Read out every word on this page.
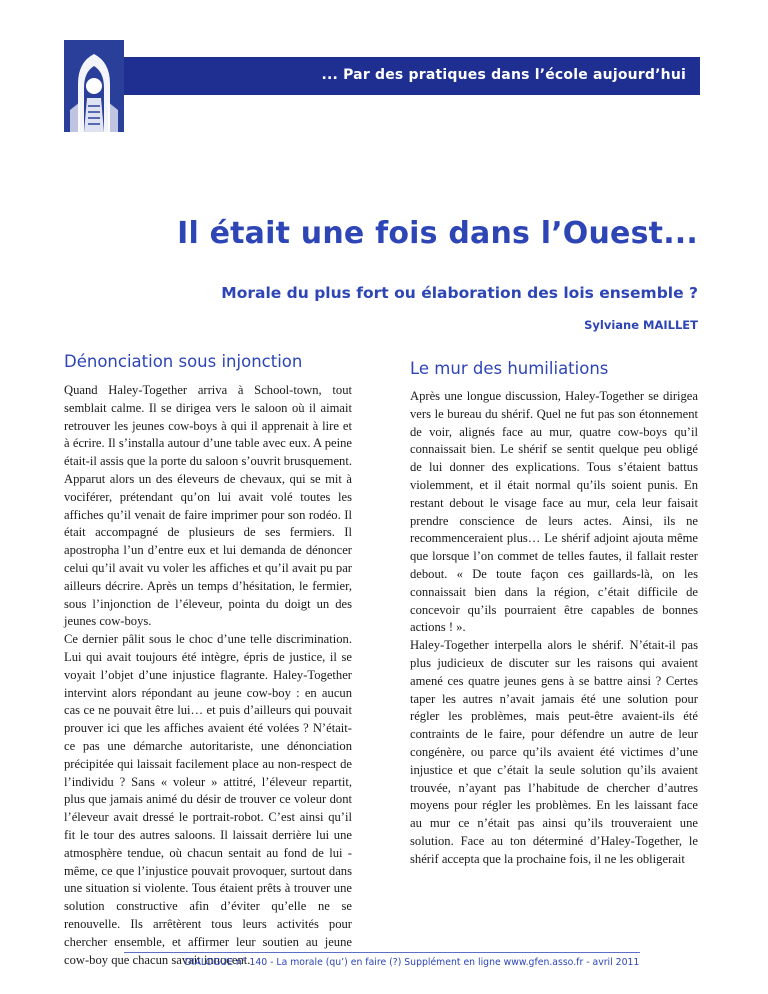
... Par des pratiques dans l’école aujourd’hui
Il était une fois dans l’Ouest...
Morale du plus fort ou élaboration des lois ensemble ?
Sylviane MAILLET
Dénonciation sous injonction

Quand Haley-Together arriva à School-town, tout semblait calme. Il se dirigea vers le saloon où il aimait retrouver les jeunes cow-boys à qui il apprenait à lire et à écrire. Il s’installa autour d’une table avec eux. A peine était-il assis que la porte du saloon s’ouvrit brusquement. Apparut alors un des éleveurs de chevaux, qui se mit à vociférer, prétendant qu’on lui avait volé toutes les affiches qu’il venait de faire imprimer pour son rodéo. Il était accompagné de plusieurs de ses fermiers. Il apostropha l’un d’entre eux et lui demanda de dénoncer celui qu’il avait vu voler les affiches et qu’il avait pu par ailleurs décrire. Après un temps d’hésitation, le fermier, sous l’injonction de l’éleveur, pointa du doigt un des jeunes cow-boys.

Ce dernier pâlit sous le choc d’une telle discrimination. Lui qui avait toujours été intègre, épris de justice, il se voyait l’objet d’une injustice flagrante. Haley-Together intervint alors répondant au jeune cow-boy : en aucun cas ce ne pouvait être lui… et puis d’ailleurs qui pouvait prouver ici que les affiches avaient été volées ? N’était-ce pas une démarche autoritariste, une dénonciation précipitée qui laissait facilement place au non-respect de l’individu ? Sans « voleur » attitré, l’éleveur repartit, plus que jamais animé du désir de trouver ce voleur dont l’éleveur avait dressé le portrait-robot. C’est ainsi qu’il fit le tour des autres saloons. Il laissait derrière lui une atmosphère tendue, où chacun sentait au fond de lui - même, ce que l’injustice pouvait provoquer, surtout dans une situation si violente. Tous étaient prêts à trouver une solution constructive afin d’éviter qu’elle ne se renouvelle. Ils arrêtèrent tous leurs activités pour chercher ensemble, et affirmer leur soutien au jeune cow-boy que chacun savait innocent.

Le mur des humiliations

Après une longue discussion, Haley-Together se dirigea vers le bureau du shérif. Quel ne fut pas son étonnement de voir, alignés face au mur, quatre cow-boys qu’il connaissait bien. Le shérif se sentit quelque peu obligé de lui donner des explications. Tous s’étaient battus violemment, et il était normal qu’ils soient punis. En restant debout le visage face au mur, cela leur faisait prendre conscience de leurs actes. Ainsi, ils ne recommenceraient plus… Le shérif adjoint ajouta même que lorsque l’on commet de telles fautes, il fallait rester debout. « De toute façon ces gaillards-là, on les connaissait bien dans la région, c’était difficile de concevoir qu’ils pourraient être capables de bonnes actions ! ».

Haley-Together interpella alors le shérif. N’était-il pas plus judicieux de discuter sur les raisons qui avaient amené ces quatre jeunes gens à se battre ainsi ? Certes taper les autres n’avait jamais été une solution pour régler les problèmes, mais peut-être avaient-ils été contraints de le faire, pour défendre un autre de leur congénère, ou parce qu’ils avaient été victimes d’une injustice et que c’était la seule solution qu’ils avaient trouvée, n’ayant pas l’habitude de chercher d’autres moyens pour régler les problèmes. En les laissant face au mur ce n’était pas ainsi qu’ils trouveraient une solution. Face au ton déterminé d’Haley-Together, le shérif accepta que la prochaine fois, il ne les obligerait

DIALOGUE n° 140 - La morale (qu’) en faire (?) Supplément en ligne www.gfen.asso.fr - avril 2011
